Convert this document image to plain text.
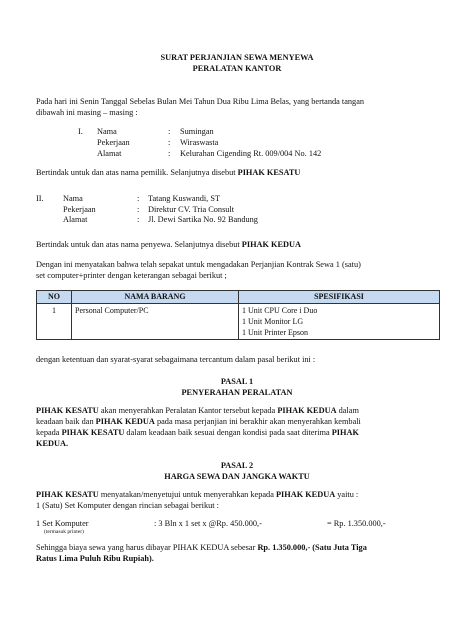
SURAT PERJANJIAN SEWA MENYEWA
PERALATAN KANTOR
Pada hari ini Senin Tanggal Sebelas Bulan Mei Tahun Dua Ribu Lima Belas, yang bertanda tangan
dibawah ini masing – masing :
I. Nama	: Sumingan
Pekerjaan	: Wiraswasta
Alamat	: Kelurahan Cigending Rt. 009/004 No. 142
Bertindak untuk dan atas nama pemilik. Selanjutnya disebut PIHAK KESATU
II. Nama	: Tatang Kuswandi, ST
Pekerjaan	: Direktur CV. Tria Consult
Alamat	: Jl. Dewi Sartika No. 92 Bandung
Bertindak untuk dan atas nama penyewa. Selanjutnya disebut PIHAK KEDUA
Dengan ini menyatakan bahwa telah sepakat untuk mengadakan Perjanjian Kontrak Sewa 1 (satu)
set computer+printer dengan keterangan sebagai berikut ;
NO	NAMA BARANG	SPESIFIKASI
1	Personal Computer/PC	1 Unit CPU Core i Duo
1 Unit Monitor LG
1 Unit Printer Epson
dengan ketentuan dan syarat-syarat sebagaimana tercantum dalam pasal berikut ini :
PASAL 1
PENYERAHAN PERALATAN
PIHAK KESATU akan menyerahkan Peralatan Kantor tersebut kepada PIHAK KEDUA dalam
keadaan baik dan PIHAK KEDUA pada masa perjanjian ini berakhir akan menyerahkan kembali
kepada PIHAK KESATU dalam keadaan baik sesuai dengan kondisi pada saat diterima PIHAK
KEDUA.
PASAL 2
HARGA SEWA DAN JANGKA WAKTU
PIHAK KESATU menyatakan/menyetujui untuk menyerahkan kepada PIHAK KEDUA yaitu :
1 (Satu) Set Komputer dengan rincian sebagai berikut :
1 Set Komputer
(termasuk printer)
: 3 Bln x 1 set x @Rp. 450.000,-	= Rp. 1.350.000,-
Sehingga biaya sewa yang harus dibayar PIHAK KEDUA sebesar Rp. 1.350.000,- (Satu Juta Tiga
Ratus Lima Puluh Ribu Rupiah).
